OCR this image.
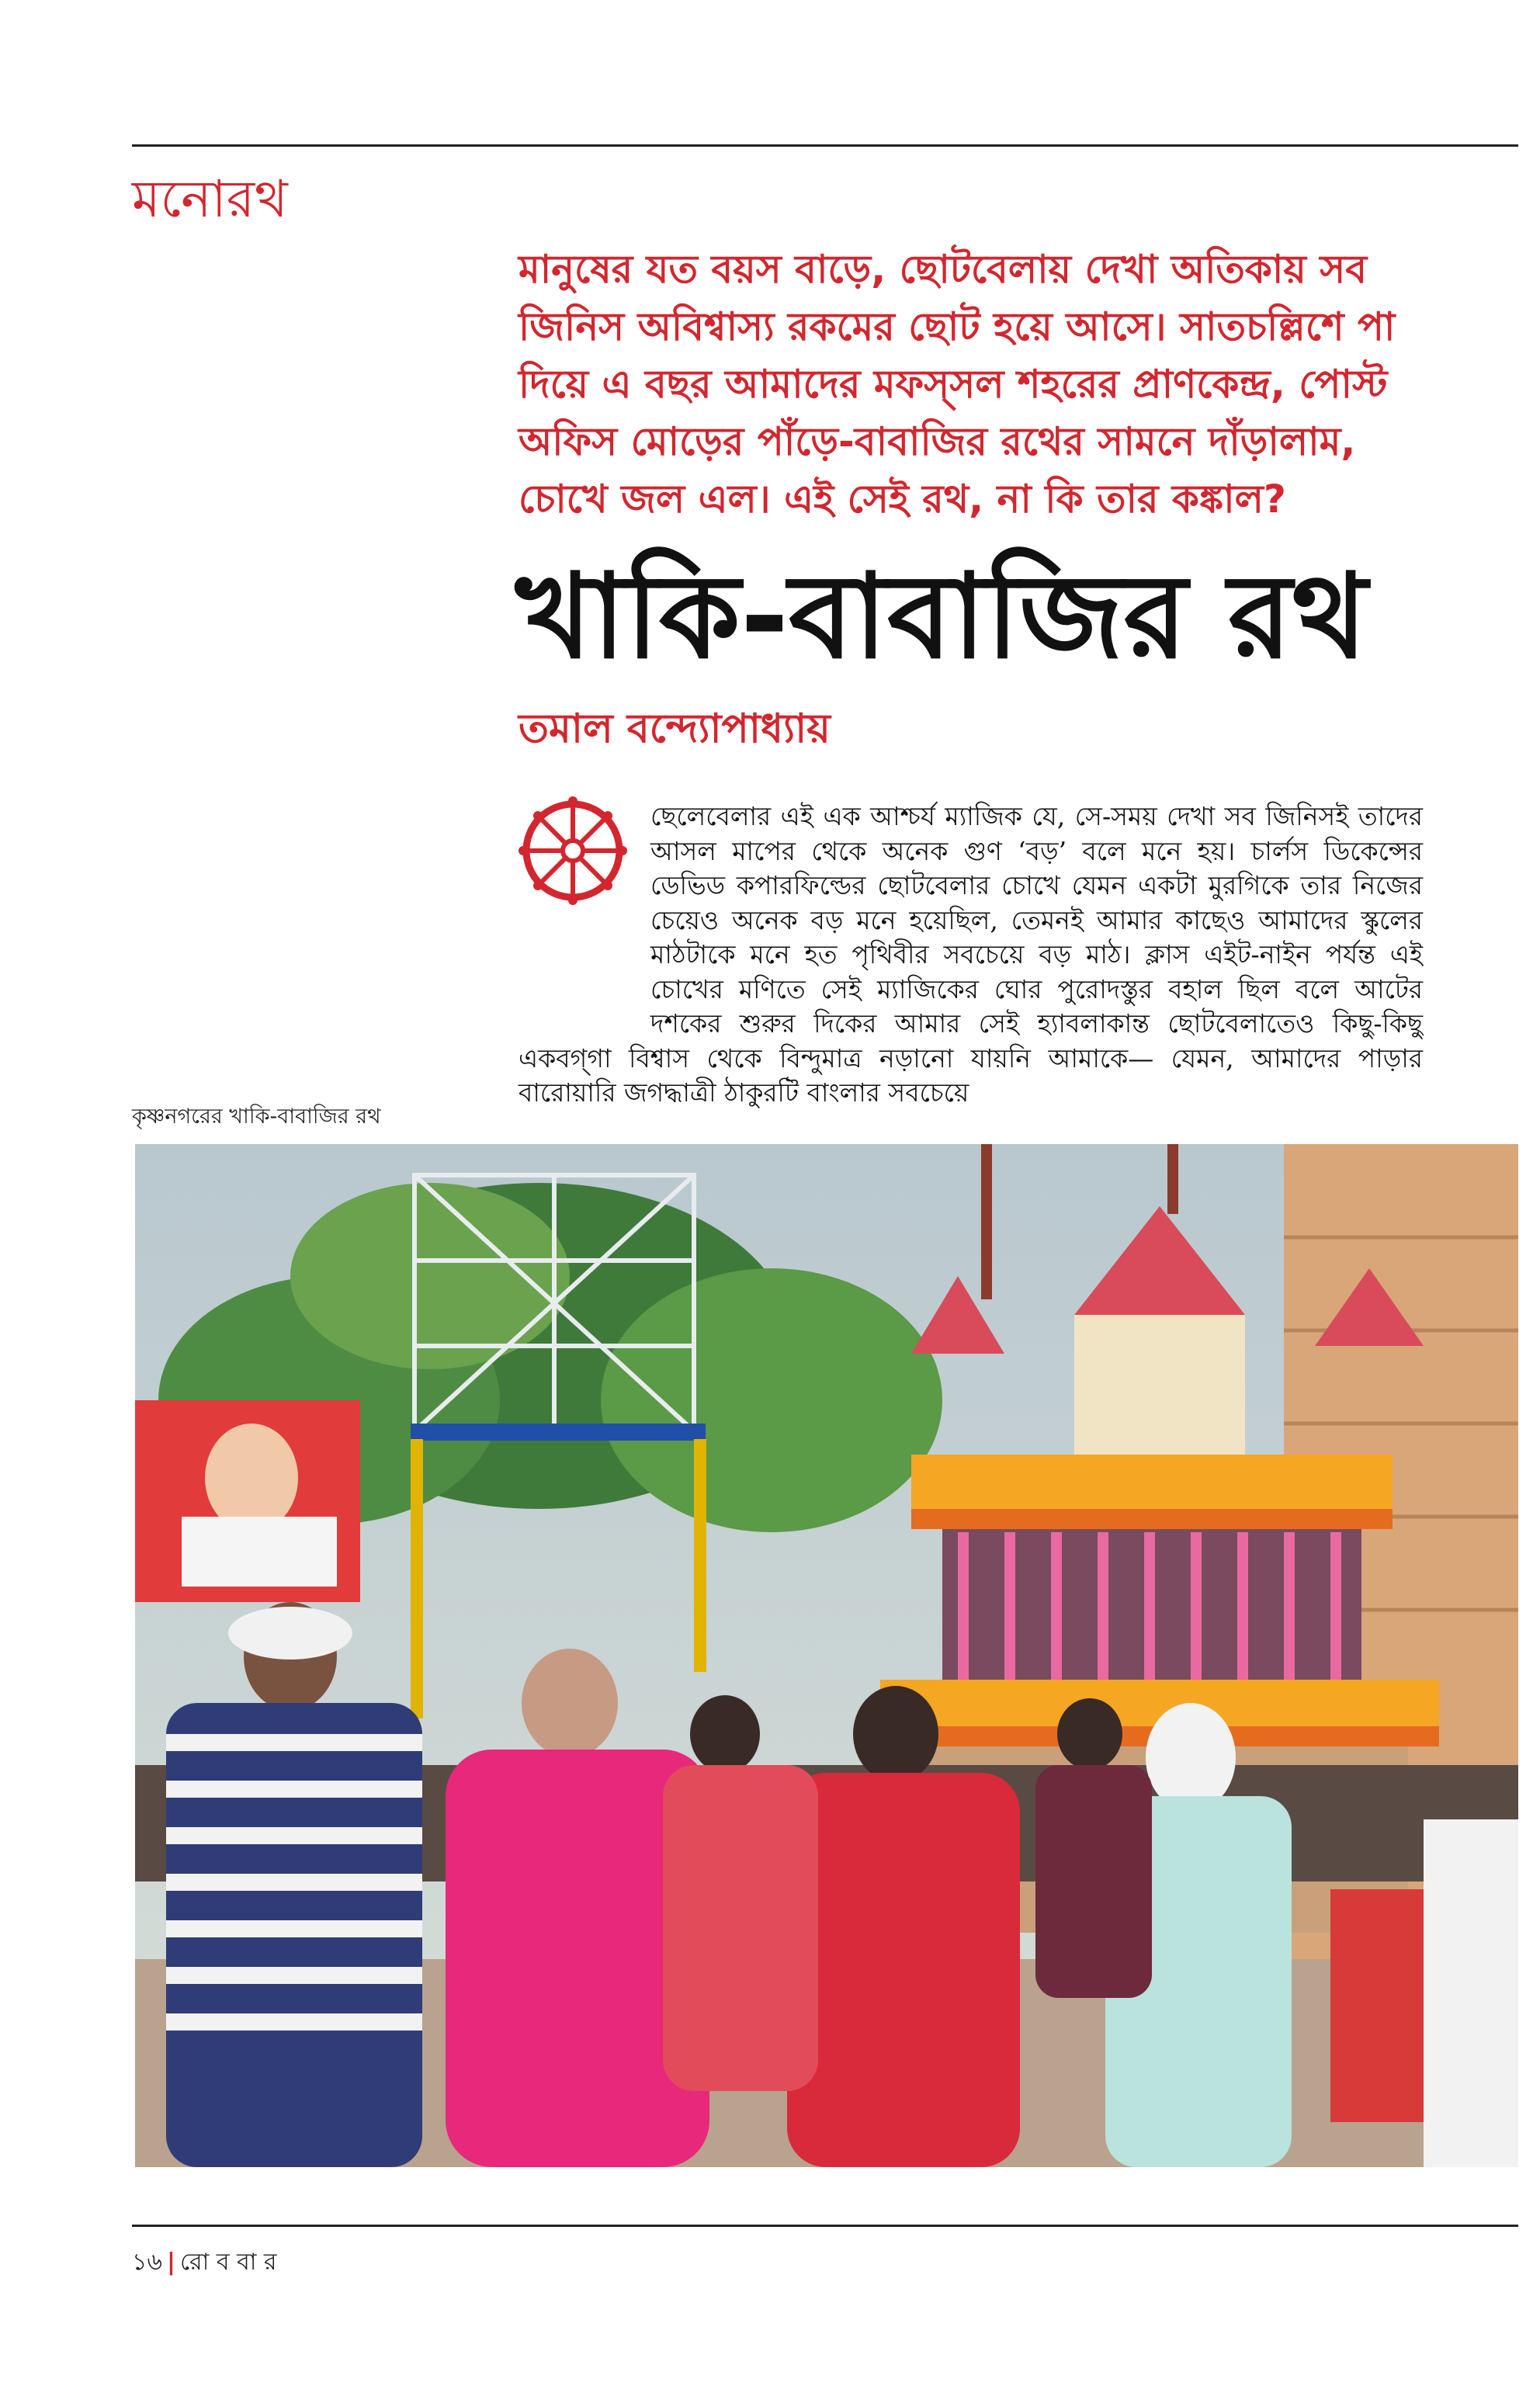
মনোরথ
মানুষের যত বয়স বাড়ে, ছোটবেলায় দেখা অতিকায় সব জিনিস অবিশ্বাস্য রকমের ছোট হয়ে আসে। সাতচল্লিশে পা দিয়ে এ বছর আমাদের মফস্‌সল শহরের প্রাণকেন্দ্র, পোস্ট অফিস মোড়ের পাঁড়ে-বাবাজির রথের সামনে দাঁড়ালাম, চোখে জল এল। এই সেই রথ, না কি তার কঙ্কাল?
খাকি-বাবাজির রথ
তমাল বন্দ্যোপাধ্যায়
ছেলেবেলার এই এক আশ্চর্য ম্যাজিক যে, সে-সময় দেখা সব জিনিসই তাদের আসল মাপের থেকে অনেক গুণ ‘বড়’ বলে মনে হয়। চার্লস ডিকেন্সের ডেভিড কপারফিল্ডের ছোটবেলার চোখে যেমন একটা মুরগিকে তার নিজের চেয়েও অনেক বড় মনে হয়েছিল, তেমনই আমার কাছেও আমাদের স্কুলের মাঠটাকে মনে হত পৃথিবীর সবচেয়ে বড় মাঠ। ক্লাস এইট-নাইন পর্যন্ত এই চোখের মণিতে সেই ম্যাজিকের ঘোর পুরোদস্তুর বহাল ছিল বলে আটের দশকের শুরুর দিকের আমার সেই হ্যাবলাকান্ত ছোটবেলাতেও কিছু-কিছু একবগ্‌গা বিশ্বাস থেকে বিন্দুমাত্র নড়ানো যায়নি আমাকে— যেমন, আমাদের পাড়ার বারোয়ারি জগদ্ধাত্রী ঠাকুরটি বাংলার সবচেয়ে
কৃষ্ণনগরের খাকি-বাবাজির রথ
১৬ | রো ব বা র
